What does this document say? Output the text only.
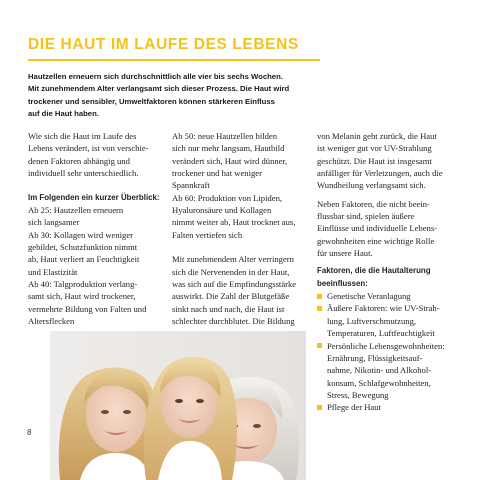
DIE HAUT IM LAUFE DES LEBENS
Hautzellen erneuern sich durchschnittlich alle vier bis sechs Wochen.
Mit zunehmendem Alter verlangsamt sich dieser Prozess. Die Haut wird
trockener und sensibler, Umweltfaktoren können stärkeren Einfluss
auf die Haut haben.
Wie sich die Haut im Laufe des
Lebens verändert, ist von verschie-
denen Faktoren abhängig und
individuell sehr unterschiedlich.
Im Folgenden ein kurzer Überblick:
Ab 25: Hautzellen erneuern
sich langsamer
Ab 30: Kollagen wird weniger
gebildet, Schutzfunktion nimmt
ab, Haut verliert an Feuchtigkeit
und Elastizität
Ab 40: Talgproduktion verlang-
samt sich, Haut wird trockener,
vermehrte Bildung von Falten und
Altersflecken
Ab 50: neue Hautzellen bilden
sich nur mehr langsam, Hautbild
verändert sich, Haut wird dünner,
trockener und hat weniger
Spannkraft
Ab 60: Produktion von Lipiden,
Hyaluronsäure und Kollagen
nimmt weiter ab, Haut trocknet aus,
Falten vertiefen sich
Mit zunehmendem Alter verringern
sich die Nervenenden in der Haut,
was sich auf die Empfindungsstärke
auswirkt. Die Zahl der Blutgefäße
sinkt nach und nach, die Haut ist
schlechter durchblutet. Die Bildung
von Melanin geht zurück, die Haut
ist weniger gut vor UV-Strahlung
geschützt. Die Haut ist insgesamt
anfälliger für Verletzungen, auch die
Wundheilung verlangsamt sich.
Neben Faktoren, die nicht beein-
flussbar sind, spielen äußere
Einflüsse und individuelle Lebens-
gewohnheiten eine wichtige Rolle
für unsere Haut.
Faktoren, die die Hautalterung
beeinflussen:
Genetische Veranlagung
Äußere Faktoren: wie UV-Strah-
lung, Luftverschmutzung,
Temperaturen, Luftfeuchtigkeit
Persönliche Lebensgewohnheiten:
Ernährung, Flüssigkeitsauf-
nahme, Nikotin- und Alkohol-
konsum, Schlafgewohnheiten,
Stress, Bewegung
Pflege der Haut
8
